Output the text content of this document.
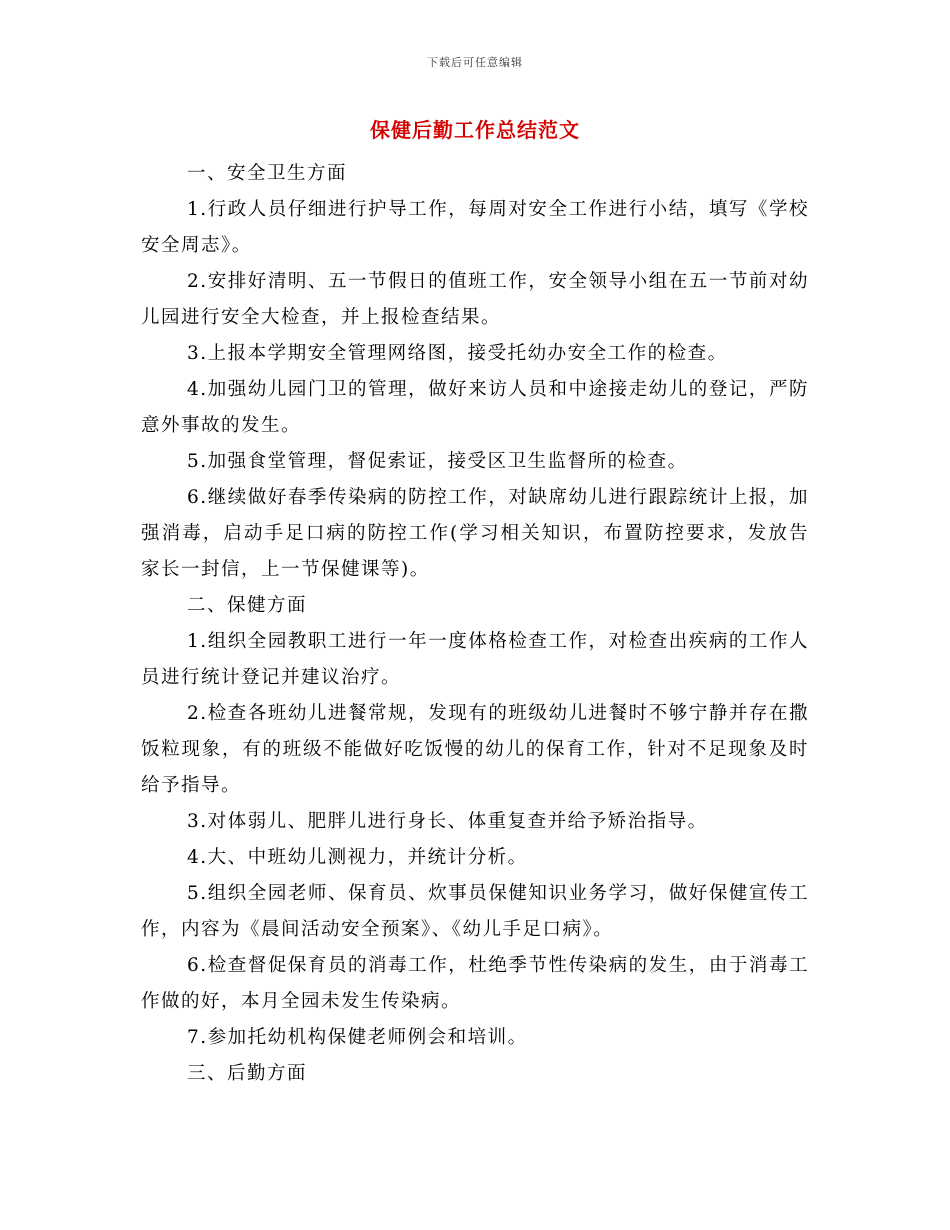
下载后可任意编辑
保健后勤工作总结范文

一、安全卫生方面

1.行政人员仔细进行护导工作，每周对安全工作进行小结，填写《学校安全周志》。

2.安排好清明、五一节假日的值班工作，安全领导小组在五一节前对幼儿园进行安全大检查，并上报检查结果。

3.上报本学期安全管理网络图，接受托幼办安全工作的检查。

4.加强幼儿园门卫的管理，做好来访人员和中途接走幼儿的登记，严防意外事故的发生。

5.加强食堂管理，督促索证，接受区卫生监督所的检查。

6.继续做好春季传染病的防控工作，对缺席幼儿进行跟踪统计上报，加强消毒，启动手足口病的防控工作(学习相关知识，布置防控要求，发放告家长一封信，上一节保健课等)。

二、保健方面

1.组织全园教职工进行一年一度体格检查工作，对检查出疾病的工作人员进行统计登记并建议治疗。

2.检查各班幼儿进餐常规，发现有的班级幼儿进餐时不够宁静并存在撒饭粒现象，有的班级不能做好吃饭慢的幼儿的保育工作，针对不足现象及时给予指导。

3.对体弱儿、肥胖儿进行身长、体重复查并给予矫治指导。

4.大、中班幼儿测视力，并统计分析。

5.组织全园老师、保育员、炊事员保健知识业务学习，做好保健宣传工作，内容为《晨间活动安全预案》、《幼儿手足口病》。

6.检查督促保育员的消毒工作，杜绝季节性传染病的发生，由于消毒工作做的好，本月全园未发生传染病。

7.参加托幼机构保健老师例会和培训。

三、后勤方面
